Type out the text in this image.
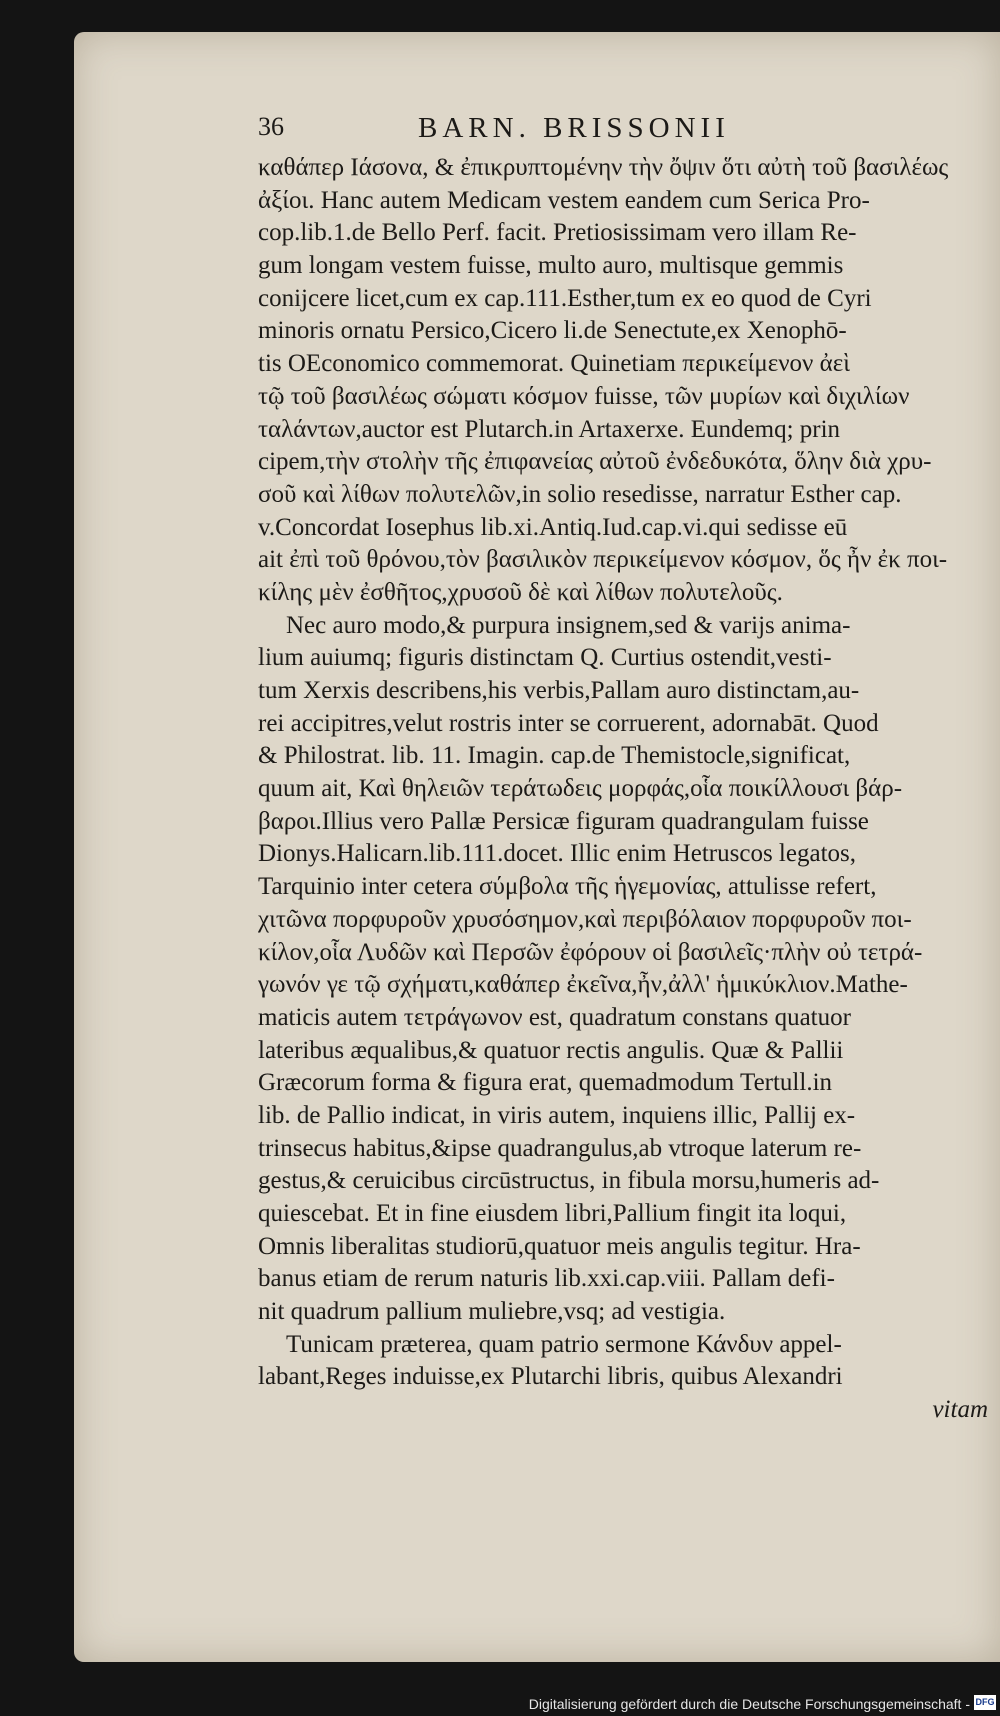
36	BARN. BRISSONII
καθάπερ Ιάσονα, & ἐπικρυπτομένην τὴν ὄψιν ὅτι αὐτὴ τοῦ βασιλέως
ἀξίοι. Hanc autem Medicam vestem eandem cum Serica Pro-
cop.lib.1.de Bello Perf. facit. Pretiosissimam vero illam Re-
gum longam vestem fuisse, multo auro, multisque gemmis
conijcere licet,cum ex cap.111.Esther,tum ex eo quod de Cyri
minoris ornatu Persico,Cicero li.de Senectute,ex Xenophō-
tis OEconomico commemorat. Quinetiam περικείμενον ἀεὶ
τῷ τοῦ βασιλέως σώματι κόσμον fuisse, τῶν μυρίων καὶ διχιλίων
ταλάντων,auctor est Plutarch.in Artaxerxe. Eundemq; prin
cipem,τὴν στολὴν τῆς ἐπιφανείας αὐτοῦ ἐνδεδυκότα, ὅλην διὰ χρυ-
σοῦ καὶ λίθων πολυτελῶν,in solio resedisse, narratur Esther cap.
v.Concordat Iosephus lib.xi.Antiq.Iud.cap.vi.qui sedisse eū
ait ἐπὶ τοῦ θρόνου,τὸν βασιλικὸν περικείμενον κόσμον, ὅς ἦν ἐκ ποι-
κίλης μὲν ἐσθῆτος,χρυσοῦ δὲ καὶ λίθων πολυτελοῦς.
Nec auro modo,& purpura insignem,sed & varijs anima-
lium auiumq; figuris distinctam Q. Curtius ostendit,vesti-
tum Xerxis describens,his verbis,Pallam auro distinctam,au-
rei accipitres,velut rostris inter se corruerent, adornabāt. Quod
& Philostrat. lib. 11. Imagin. cap.de Themistocle,significat,
quum ait, Καὶ θηλειῶν τεράτωδεις μορφάς,οἷα ποικίλλουσι βάρ-
βαροι.Illius vero Pallæ Persicæ figuram quadrangulam fuisse
Dionys.Halicarn.lib.111.docet. Illic enim Hetruscos legatos,
Tarquinio inter cetera σύμβολα τῆς ἡγεμονίας, attulisse refert,
χιτῶνα πορφυροῦν χρυσόσημον,καὶ περιβόλαιον πορφυροῦν ποι-
κίλον,οἷα Λυδῶν καὶ Περσῶν ἐφόρουν οἱ βασιλεῖς·πλὴν οὐ τετρά-
γωνόν γε τῷ σχήματι,καθάπερ ἐκεῖνα,ἦν,ἀλλ' ἡμικύκλιον.Mathe-
maticis autem τετράγωνον est, quadratum constans quatuor
lateribus æqualibus,& quatuor rectis angulis. Quæ & Pallii
Græcorum forma & figura erat, quemadmodum Tertull.in
lib. de Pallio indicat, in viris autem, inquiens illic, Pallij ex-
trinsecus habitus,&ipse quadrangulus,ab vtroque laterum re-
gestus,& ceruicibus circūstructus, in fibula morsu,humeris ad-
quiescebat. Et in fine eiusdem libri,Pallium fingit ita loqui,
Omnis liberalitas studiorū,quatuor meis angulis tegitur. Hra-
banus etiam de rerum naturis lib.xxi.cap.viii. Pallam defi-
nit quadrum pallium muliebre,vsq; ad vestigia.
Tunicam præterea, quam patrio sermone Κάνδυν appel-
labant,Reges induisse,ex Plutarchi libris, quibus Alexandri
vitam
Digitalisierung gefördert durch die Deutsche Forschungsgemeinschaft - DFG
